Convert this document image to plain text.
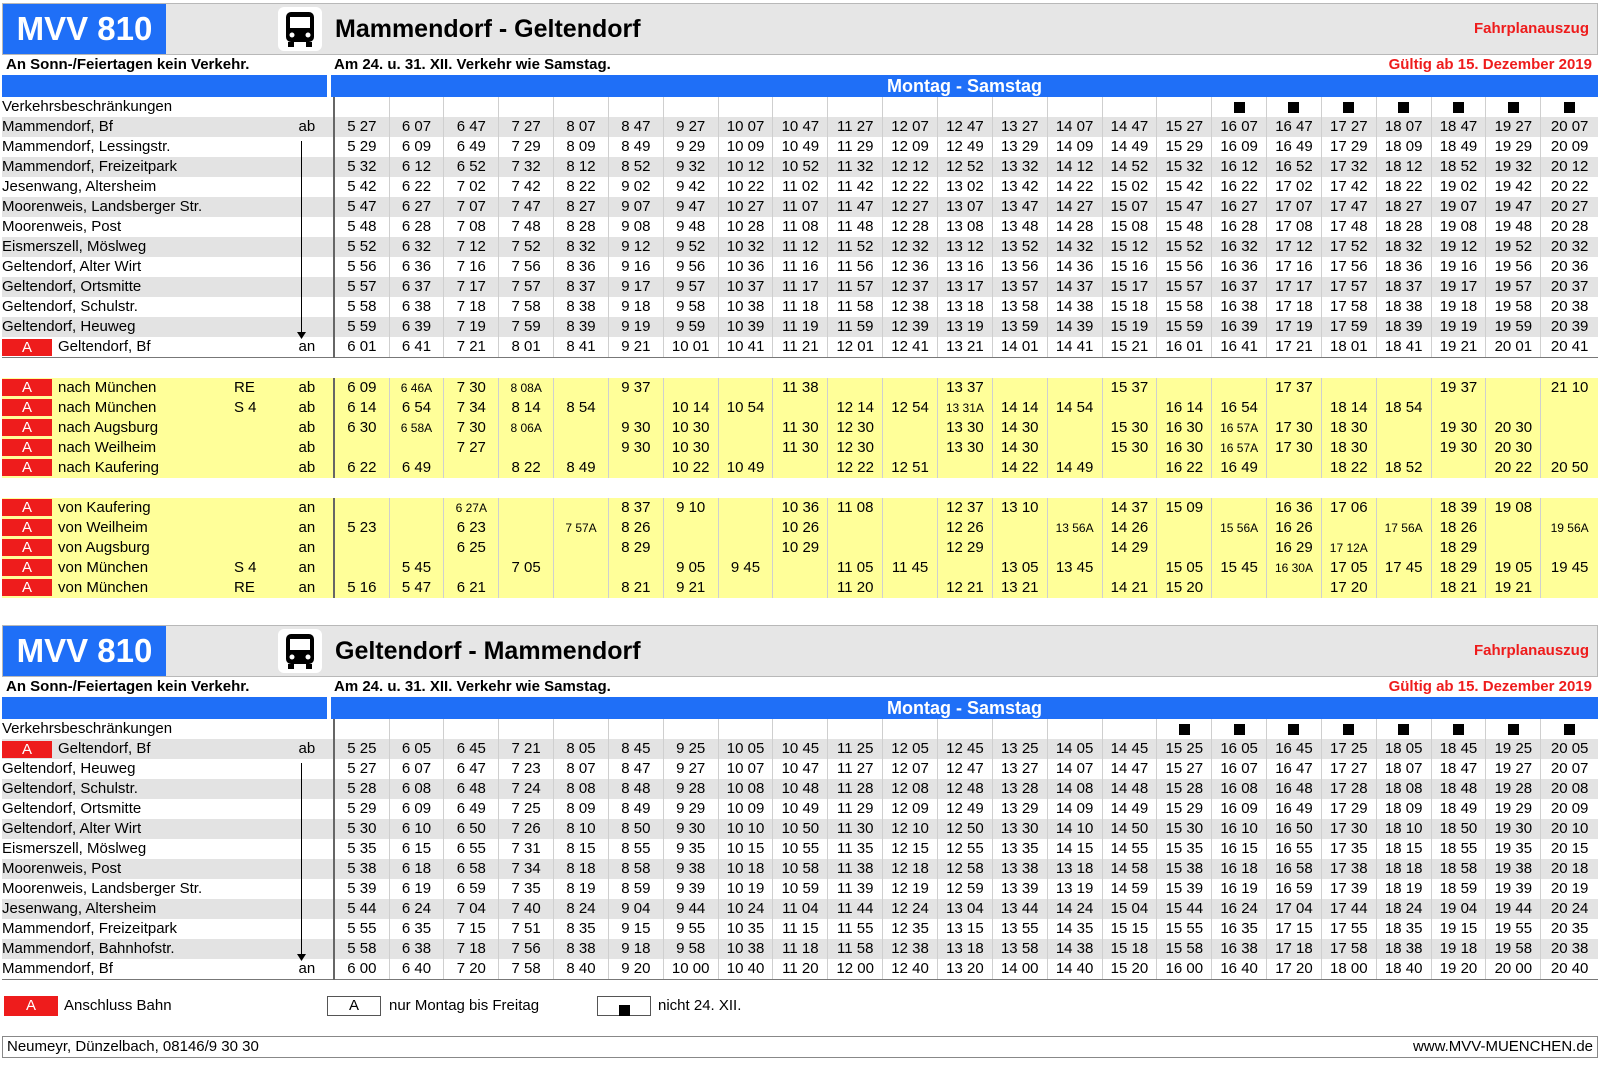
MVV 810	Mammendorf - Geltendorf	Fahrplanauszug
An Sonn-/Feiertagen kein Verkehr.	Am 24. u. 31. XII. Verkehr wie Samstag.	Gültig ab 15. Dezember 2019
Montag - Samstag
Verkehrsbeschränkungen																							
Mammendorf, Bf ab	5 27	6 07	6 47	7 27	8 07	8 47	9 27	10 07	10 47	11 27	12 07	12 47	13 27	14 07	14 47	15 27	16 07	16 47	17 27	18 07	18 47	19 27	20 07
Mammendorf, Lessingstr.	5 29	6 09	6 49	7 29	8 09	8 49	9 29	10 09	10 49	11 29	12 09	12 49	13 29	14 09	14 49	15 29	16 09	16 49	17 29	18 09	18 49	19 29	20 09
Mammendorf, Freizeitpark	5 32	6 12	6 52	7 32	8 12	8 52	9 32	10 12	10 52	11 32	12 12	12 52	13 32	14 12	14 52	15 32	16 12	16 52	17 32	18 12	18 52	19 32	20 12
Jesenwang, Altersheim	5 42	6 22	7 02	7 42	8 22	9 02	9 42	10 22	11 02	11 42	12 22	13 02	13 42	14 22	15 02	15 42	16 22	17 02	17 42	18 22	19 02	19 42	20 22
Moorenweis, Landsberger Str.	5 47	6 27	7 07	7 47	8 27	9 07	9 47	10 27	11 07	11 47	12 27	13 07	13 47	14 27	15 07	15 47	16 27	17 07	17 47	18 27	19 07	19 47	20 27
Moorenweis, Post	5 48	6 28	7 08	7 48	8 28	9 08	9 48	10 28	11 08	11 48	12 28	13 08	13 48	14 28	15 08	15 48	16 28	17 08	17 48	18 28	19 08	19 48	20 28
Eismerszell, Möslweg	5 52	6 32	7 12	7 52	8 32	9 12	9 52	10 32	11 12	11 52	12 32	13 12	13 52	14 32	15 12	15 52	16 32	17 12	17 52	18 32	19 12	19 52	20 32
Geltendorf, Alter Wirt	5 56	6 36	7 16	7 56	8 36	9 16	9 56	10 36	11 16	11 56	12 36	13 16	13 56	14 36	15 16	15 56	16 36	17 16	17 56	18 36	19 16	19 56	20 36
Geltendorf, Ortsmitte	5 57	6 37	7 17	7 57	8 37	9 17	9 57	10 37	11 17	11 57	12 37	13 17	13 57	14 37	15 17	15 57	16 37	17 17	17 57	18 37	19 17	19 57	20 37
Geltendorf, Schulstr.	5 58	6 38	7 18	7 58	8 38	9 18	9 58	10 38	11 18	11 58	12 38	13 18	13 58	14 38	15 18	15 58	16 38	17 18	17 58	18 38	19 18	19 58	20 38
Geltendorf, Heuweg	5 59	6 39	7 19	7 59	8 39	9 19	9 59	10 39	11 19	11 59	12 39	13 19	13 59	14 39	15 19	15 59	16 39	17 19	17 59	18 39	19 19	19 59	20 39
A Geltendorf, Bf an	6 01	6 41	7 21	8 01	8 41	9 21	10 01	10 41	11 21	12 01	12 41	13 21	14 01	14 41	15 21	16 01	16 41	17 21	18 01	18 41	19 21	20 01	20 41

A nach München RE ab	6 09	6 46A	7 30	8 08A		9 37			11 38			13 37			15 37			17 37			19 37		21 10
A nach München S 4 ab	6 14	6 54	7 34	8 14	8 54		10 14	10 54		12 14	12 54	13 31A	14 14	14 54		16 14	16 54		18 14	18 54			
A nach Augsburg ab	6 30	6 58A	7 30	8 06A		9 30	10 30		11 30	12 30		13 30	14 30		15 30	16 30	16 57A	17 30	18 30		19 30	20 30	
A nach Weilheim ab			7 27			9 30	10 30		11 30	12 30		13 30	14 30		15 30	16 30	16 57A	17 30	18 30		19 30	20 30	
A nach Kaufering ab	6 22	6 49		8 22	8 49		10 22	10 49		12 22	12 51		14 22	14 49		16 22	16 49		18 22	18 52		20 22	20 50

A von Kaufering an			6 27A			8 37	9 10		10 36	11 08		12 37	13 10		14 37	15 09		16 36	17 06		18 39	19 08	
A von Weilheim an	5 23		6 23		7 57A	8 26			10 26			12 26		13 56A	14 26		15 56A	16 26		17 56A	18 26		19 56A
A von Augsburg an			6 25			8 29			10 29			12 29			14 29			16 29	17 12A		18 29		
A von München S 4 an		5 45		7 05			9 05	9 45		11 05	11 45		13 05	13 45		15 05	15 45	16 30A	17 05	17 45	18 29	19 05	19 45
A von München RE an	5 16	5 47	6 21			8 21	9 21			11 20		12 21	13 21		14 21	15 20			17 20		18 21	19 21	
MVV 810	Geltendorf - Mammendorf	Fahrplanauszug
An Sonn-/Feiertagen kein Verkehr.	Am 24. u. 31. XII. Verkehr wie Samstag.	Gültig ab 15. Dezember 2019
Montag - Samstag
Verkehrsbeschränkungen																							
A Geltendorf, Bf ab	5 25	6 05	6 45	7 21	8 05	8 45	9 25	10 05	10 45	11 25	12 05	12 45	13 25	14 05	14 45	15 25	16 05	16 45	17 25	18 05	18 45	19 25	20 05
Geltendorf, Heuweg	5 27	6 07	6 47	7 23	8 07	8 47	9 27	10 07	10 47	11 27	12 07	12 47	13 27	14 07	14 47	15 27	16 07	16 47	17 27	18 07	18 47	19 27	20 07
Geltendorf, Schulstr.	5 28	6 08	6 48	7 24	8 08	8 48	9 28	10 08	10 48	11 28	12 08	12 48	13 28	14 08	14 48	15 28	16 08	16 48	17 28	18 08	18 48	19 28	20 08
Geltendorf, Ortsmitte	5 29	6 09	6 49	7 25	8 09	8 49	9 29	10 09	10 49	11 29	12 09	12 49	13 29	14 09	14 49	15 29	16 09	16 49	17 29	18 09	18 49	19 29	20 09
Geltendorf, Alter Wirt	5 30	6 10	6 50	7 26	8 10	8 50	9 30	10 10	10 50	11 30	12 10	12 50	13 30	14 10	14 50	15 30	16 10	16 50	17 30	18 10	18 50	19 30	20 10
Eismerszell, Möslweg	5 35	6 15	6 55	7 31	8 15	8 55	9 35	10 15	10 55	11 35	12 15	12 55	13 35	14 15	14 55	15 35	16 15	16 55	17 35	18 15	18 55	19 35	20 15
Moorenweis, Post	5 38	6 18	6 58	7 34	8 18	8 58	9 38	10 18	10 58	11 38	12 18	12 58	13 38	13 18	14 58	15 38	16 18	16 58	17 38	18 18	18 58	19 38	20 18
Moorenweis, Landsberger Str.	5 39	6 19	6 59	7 35	8 19	8 59	9 39	10 19	10 59	11 39	12 19	12 59	13 39	13 19	14 59	15 39	16 19	16 59	17 39	18 19	18 59	19 39	20 19
Jesenwang, Altersheim	5 44	6 24	7 04	7 40	8 24	9 04	9 44	10 24	11 04	11 44	12 24	13 04	13 44	14 24	15 04	15 44	16 24	17 04	17 44	18 24	19 04	19 44	20 24
Mammendorf, Freizeitpark	5 55	6 35	7 15	7 51	8 35	9 15	9 55	10 35	11 15	11 55	12 35	13 15	13 55	14 35	15 15	15 55	16 35	17 15	17 55	18 35	19 15	19 55	20 35
Mammendorf, Bahnhofstr.	5 58	6 38	7 18	7 56	8 38	9 18	9 58	10 38	11 18	11 58	12 38	13 18	13 58	14 38	15 18	15 58	16 38	17 18	17 58	18 38	19 18	19 58	20 38
Mammendorf, Bf an	6 00	6 40	7 20	7 58	8 40	9 20	10 00	10 40	11 20	12 00	12 40	13 20	14 00	14 40	15 20	16 00	16 40	17 20	18 00	18 40	19 20	20 00	20 40
A	Anschluss Bahn	A	nur Montag bis Freitag	nicht 24. XII.
Neumeyr, Dünzelbach, 08146/9 30 30	www.MVV-MUENCHEN.de
